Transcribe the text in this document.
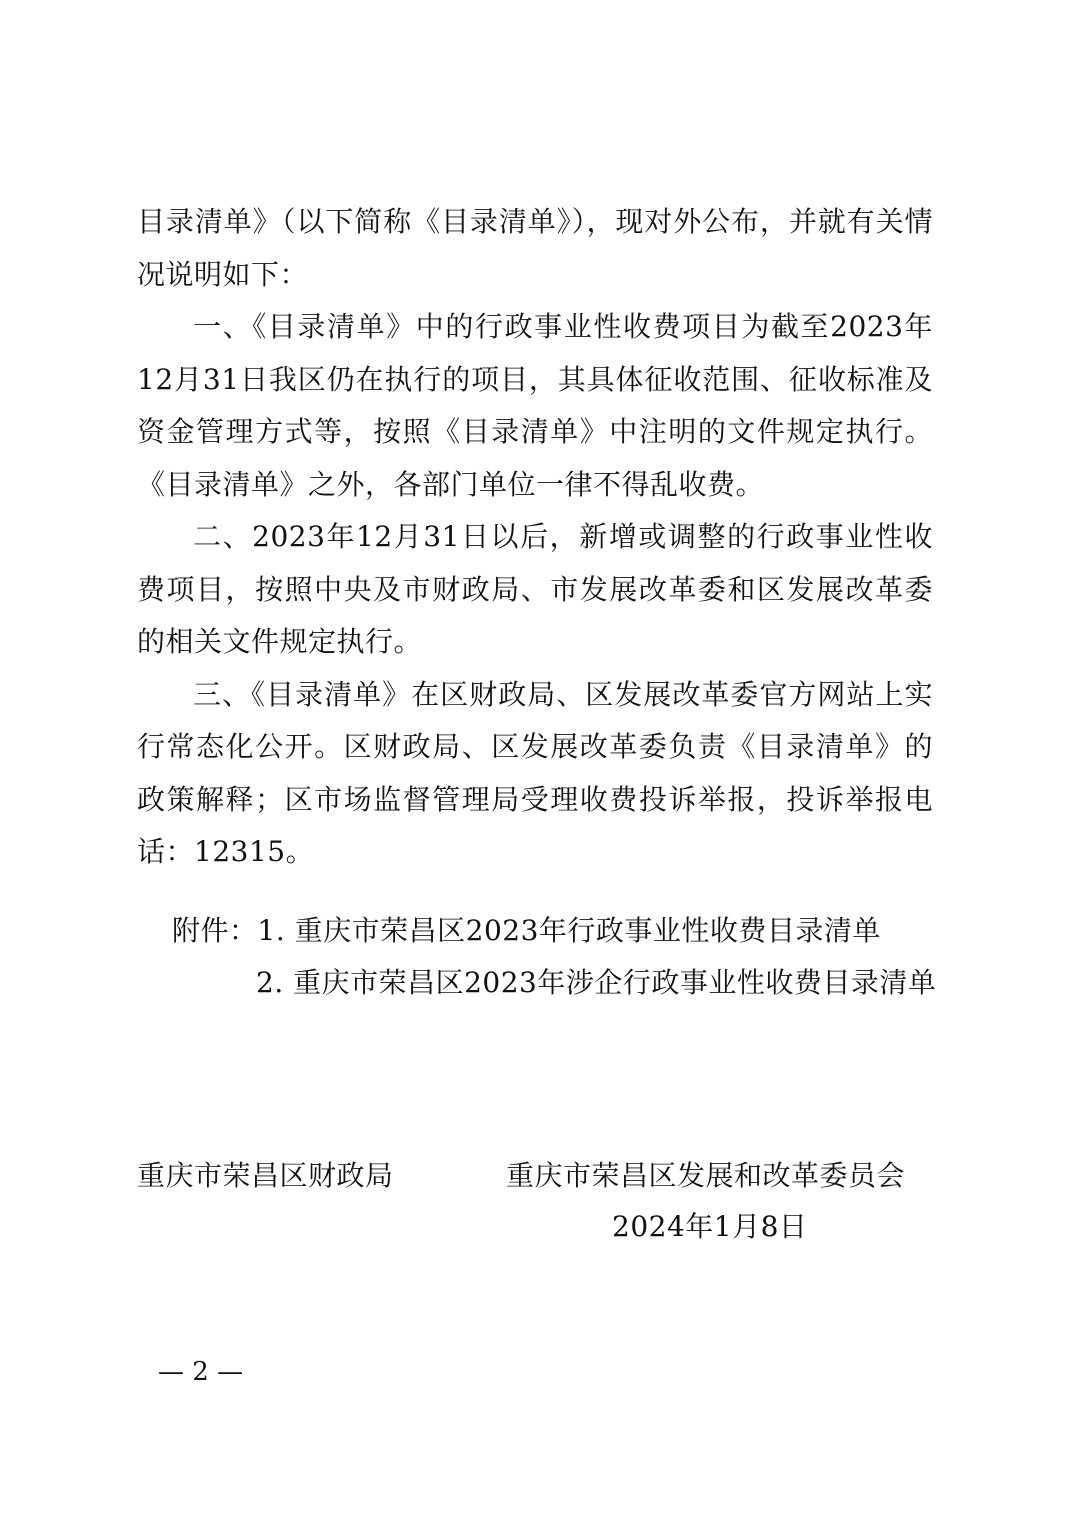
目录清单》（以下简称《目录清单》），现对外公布，并就有关情况说明如下：

一、《目录清单》中的行政事业性收费项目为截至2023年12月31日我区仍在执行的项目，其具体征收范围、征收标准及资金管理方式等，按照《目录清单》中注明的文件规定执行。《目录清单》之外，各部门单位一律不得乱收费。

二、2023年12月31日以后，新增或调整的行政事业性收费项目，按照中央及市财政局、市发展改革委和区发展改革委的相关文件规定执行。

三、《目录清单》在区财政局、区发展改革委官方网站上实行常态化公开。区财政局、区发展改革委负责《目录清单》的政策解释；区市场监督管理局受理收费投诉举报，投诉举报电话：12315。

附件：1. 重庆市荣昌区2023年行政事业性收费目录清单
2. 重庆市荣昌区2023年涉企行政事业性收费目录清单
重庆市荣昌区财政局	重庆市荣昌区发展和改革委员会
2024年1月8日
— 2 —
